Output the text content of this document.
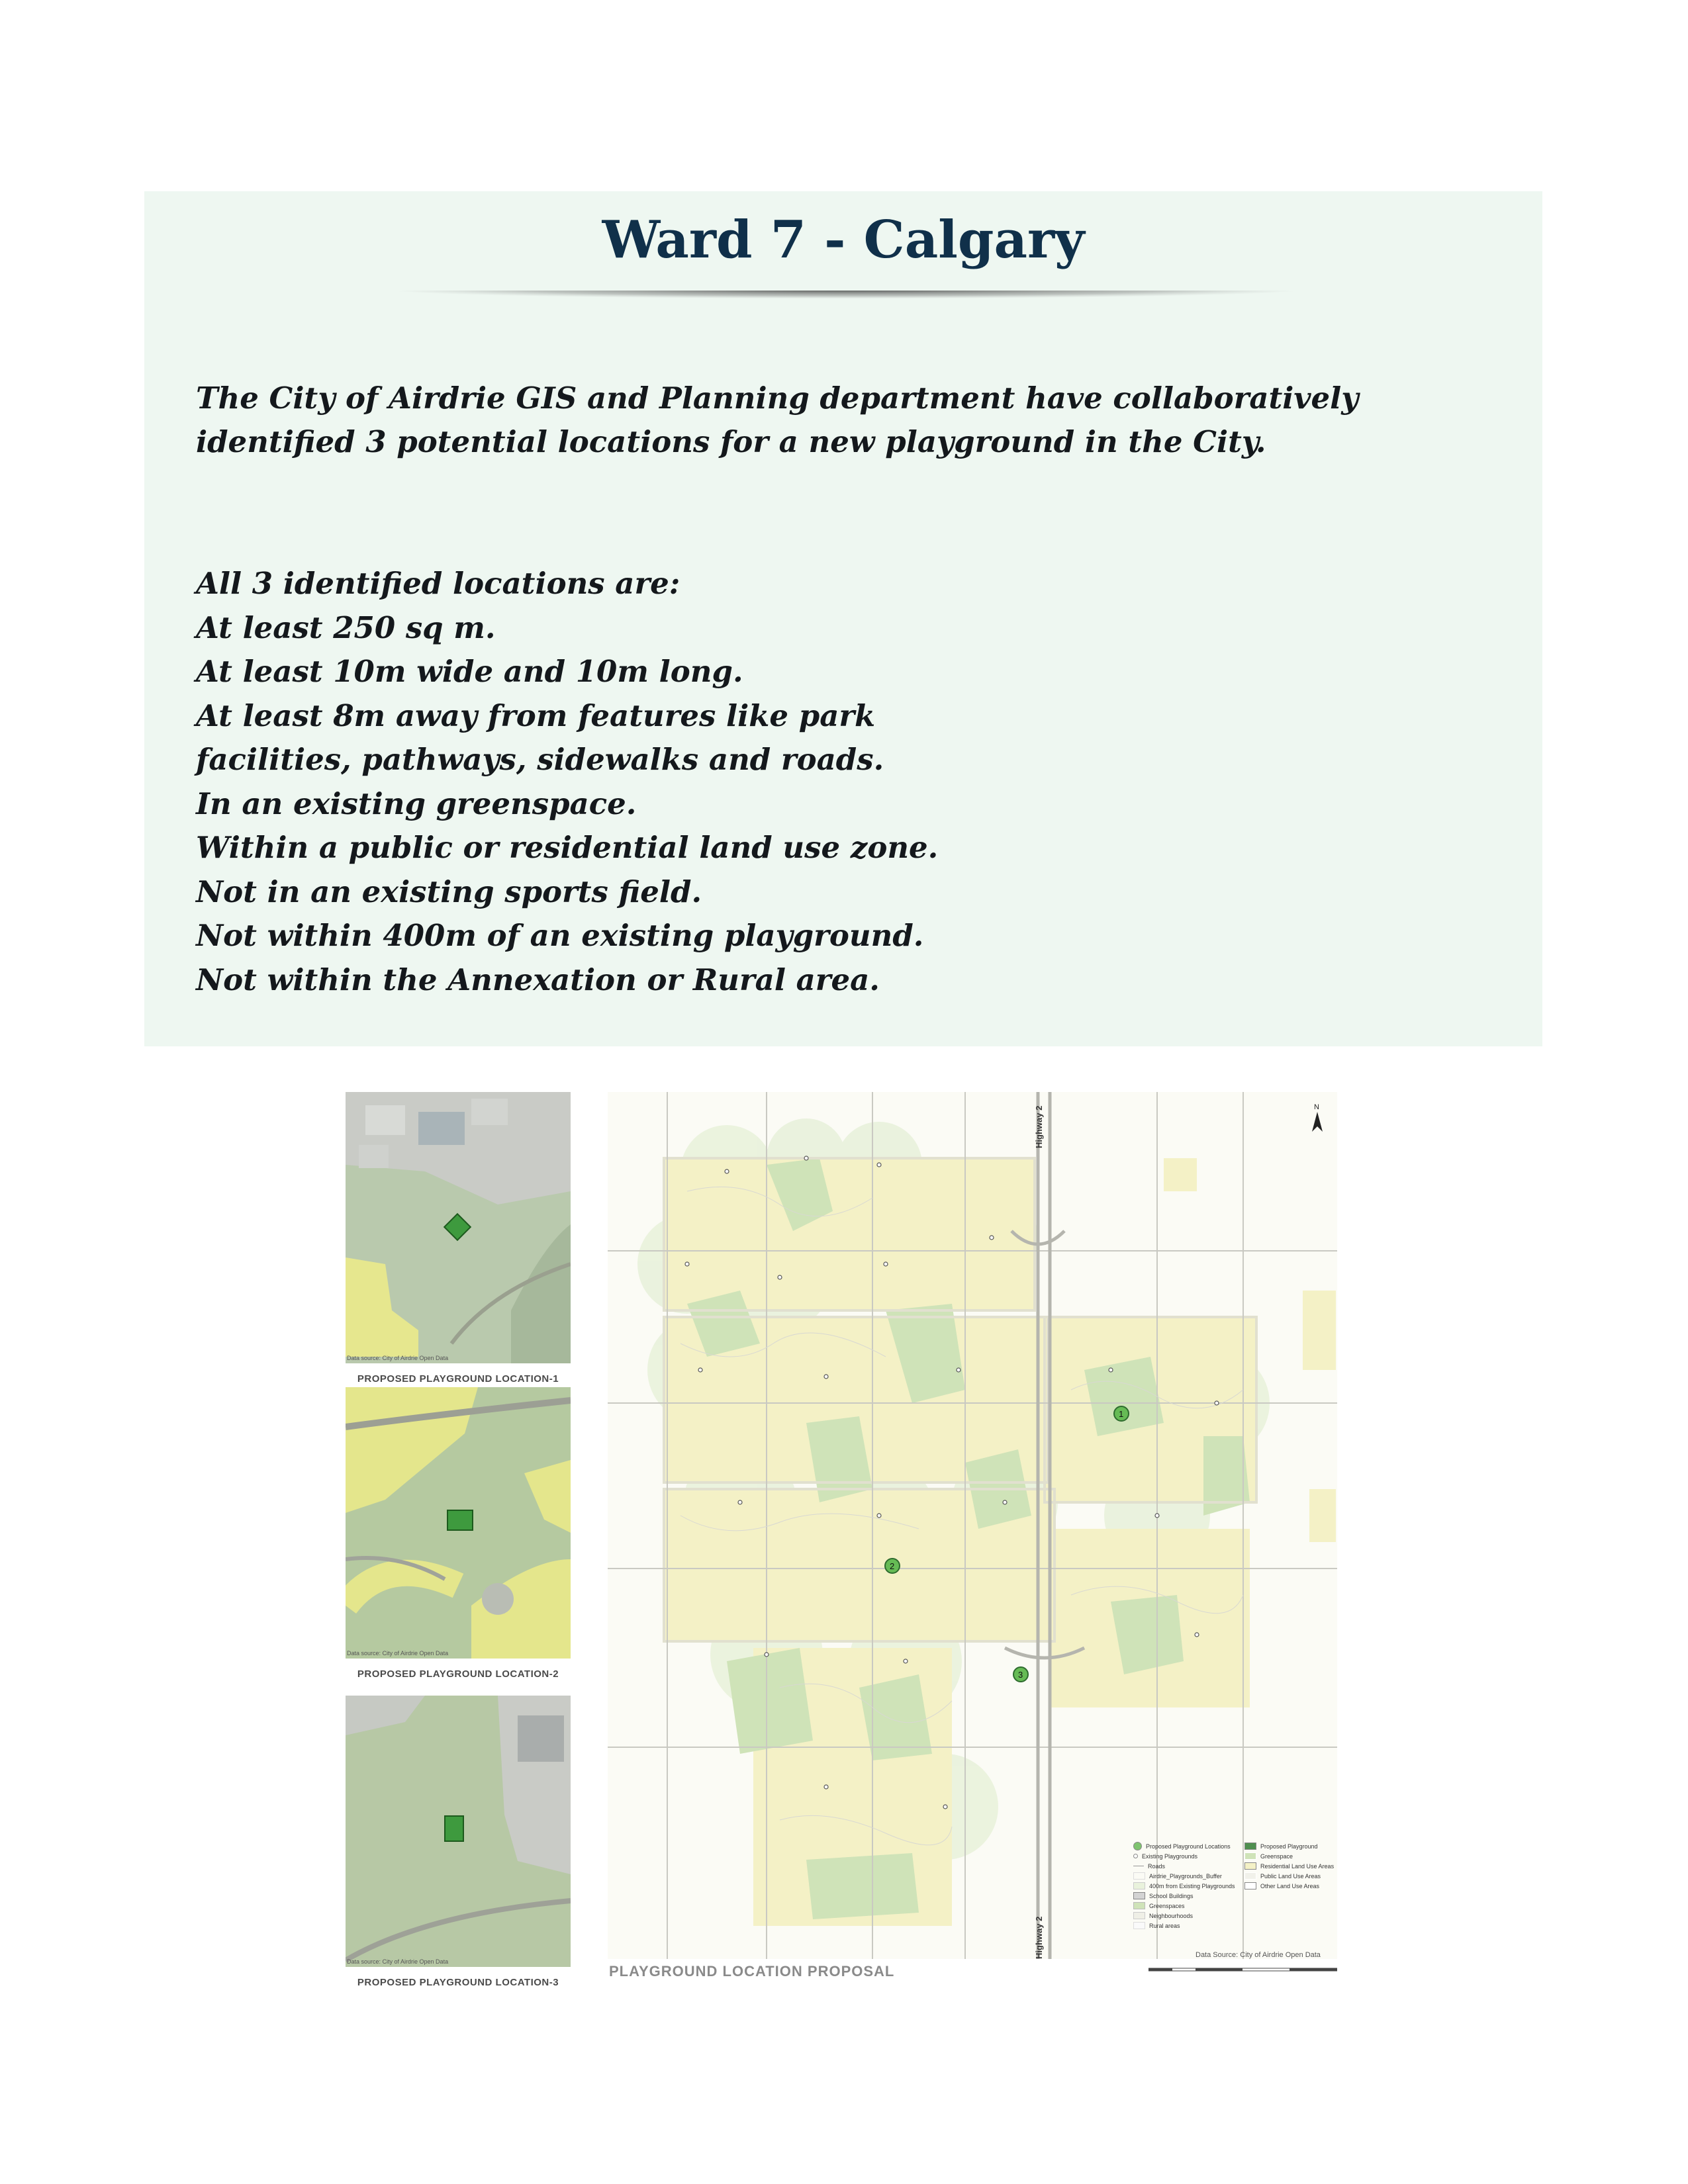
Ward 7 - Calgary

The City of Airdrie GIS and Planning department have collaboratively identified 3 potential locations for a new playground in the City.

All 3 identified locations are:
At least 250 sq m.
At least 10m wide and 10m long.
At least 8m away from features like park
facilities, pathways, sidewalks and roads.
In an existing greenspace.
Within a public or residential land use zone.
Not in an existing sports field.
Not within 400m of an existing playground.
Not within the Annexation or Rural area.
Data source: City of Airdrie Open Data
PROPOSED PLAYGROUND LOCATION-1
Data source: City of Airdrie Open Data
PROPOSED PLAYGROUND LOCATION-2
Data source: City of Airdrie Open Data
PROPOSED PLAYGROUND LOCATION-3
N
1
2
3
Highway 2
Highway 2
Proposed Playground Locations
Existing Playgrounds
Roads
Airdrie_Playgrounds_Buffer
400m from Existing Playgrounds
School Buildings
Greenspaces
Neighbourhoods
Rural areas
Proposed Playground
Greenspace
Residential Land Use Areas
Public Land Use Areas
Other Land Use Areas
Data Source: City of Airdrie Open Data
PLAYGROUND LOCATION PROPOSAL
